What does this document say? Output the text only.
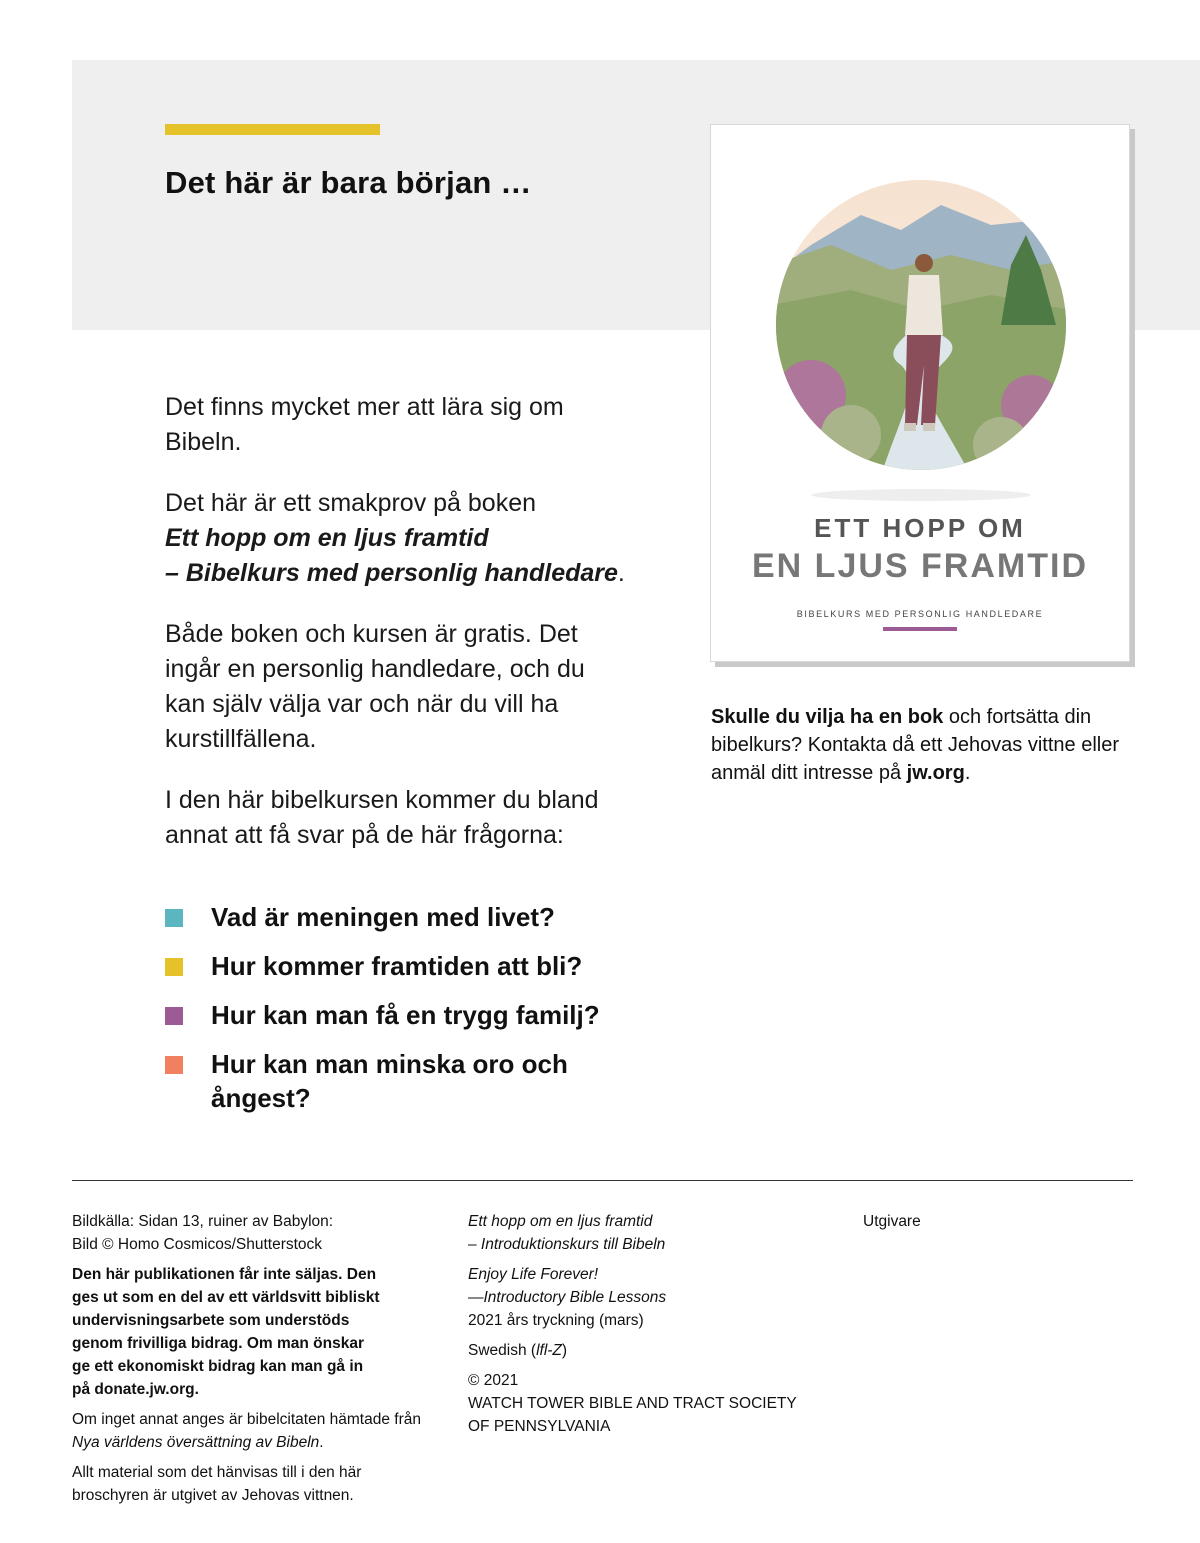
Det här är bara början …

Det finns mycket mer att lära sig om Bibeln.

Det här är ett smakprov på boken
Ett hopp om en ljus framtid
– Bibelkurs med personlig handledare.

Både boken och kursen är gratis. Det ingår en personlig handledare, och du kan själv välja var och när du vill ha kurstillfällena.

I den här bibelkursen kommer du bland annat att få svar på de här frågorna:

Vad är meningen med livet?
Hur kommer framtiden att bli?
Hur kan man få en trygg familj?
Hur kan man minska oro och ångest?
ETT HOPP OM
EN LJUS FRAMTID
BIBELKURS MED PERSONLIG HANDLEDARE
Skulle du vilja ha en bok och fortsätta din bibelkurs? Kontakta då ett Jehovas vittne eller anmäl ditt intresse på jw.org.

Bildkälla: Sidan 13, ruiner av Babylon:
Bild © Homo Cosmicos/Shutterstock

Den här publikationen får inte säljas. Den ges ut som en del av ett världsvitt bibliskt undervisningsarbete som understöds genom frivilliga bidrag. Om man önskar ge ett ekonomiskt bidrag kan man gå in på donate.jw.org.

Om inget annat anges är bibelcitaten hämtade från Nya världens översättning av Bibeln.

Allt material som det hänvisas till i den här broschyren är utgivet av Jehovas vittnen.

Ett hopp om en ljus framtid
– Introduktionskurs till Bibeln

Enjoy Life Forever!
—Introductory Bible Lessons

2021 års tryckning (mars)

Swedish (lfl-Z)

© 2021
WATCH TOWER BIBLE AND TRACT SOCIETY
OF PENNSYLVANIA

Utgivare
